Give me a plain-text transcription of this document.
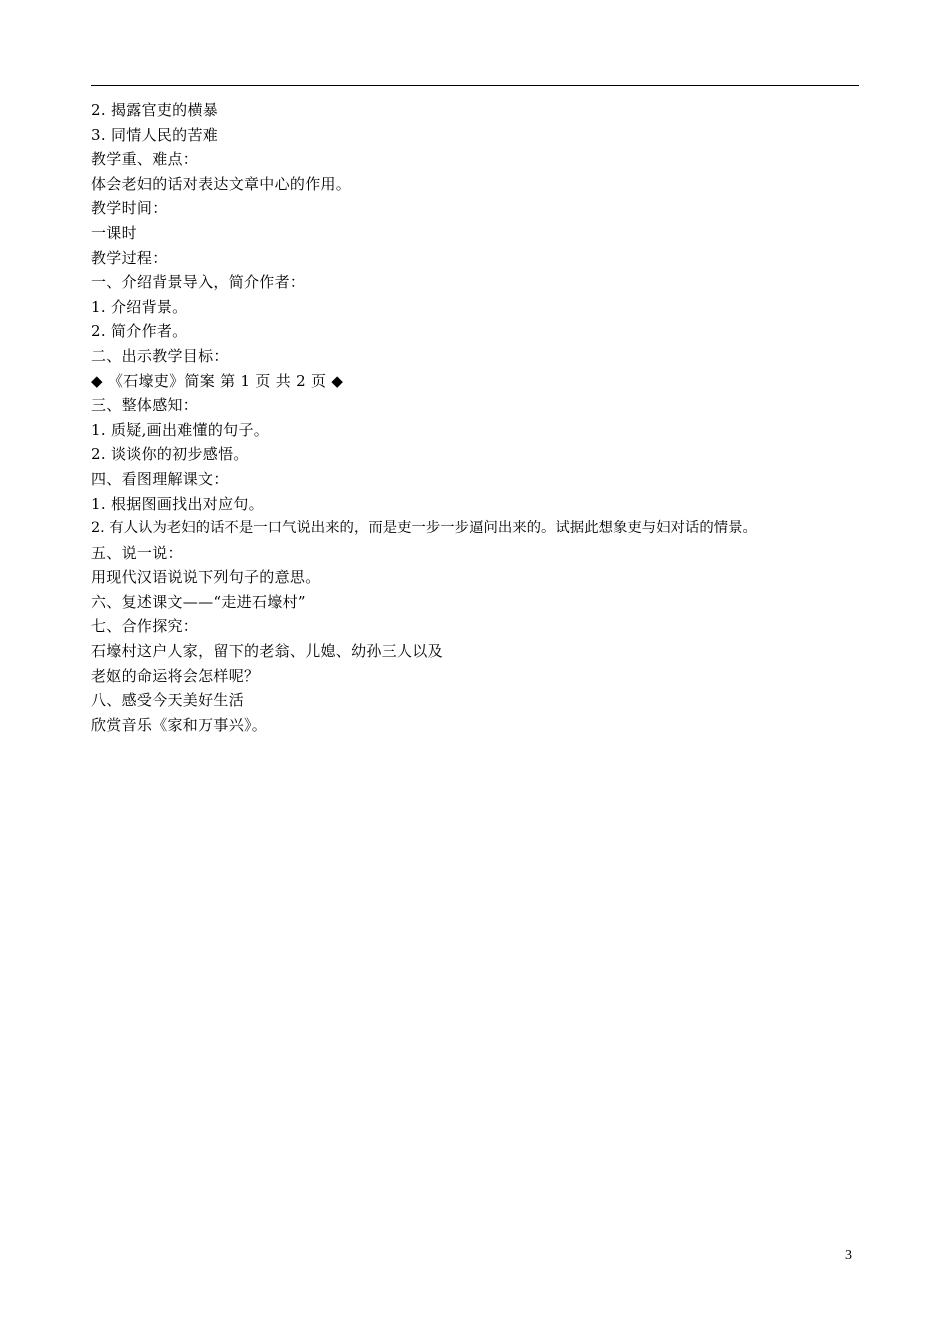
2. 揭露官吏的横暴
3. 同情人民的苦难
教学重、难点：
体会老妇的话对表达文章中心的作用。
教学时间：
一课时
教学过程：
一、介绍背景导入，简介作者：
1. 介绍背景。
2. 简介作者。
二、出示教学目标：
◆ 《石壕吏》简案 第 1 页 共 2 页 ◆
三、整体感知：
1. 质疑,画出难懂的句子。
2. 谈谈你的初步感悟。
四、看图理解课文：
1. 根据图画找出对应句。
2. 有人认为老妇的话不是一口气说出来的，而是吏一步一步逼问出来的。试据此想象吏与妇对话的情景。
五、说一说：
用现代汉语说说下列句子的意思。
六、复述课文——“走进石壕村”
七、合作探究：
石壕村这户人家，留下的老翁、儿媳、幼孙三人以及
老妪的命运将会怎样呢？
八、感受今天美好生活
欣赏音乐《家和万事兴》。
3
